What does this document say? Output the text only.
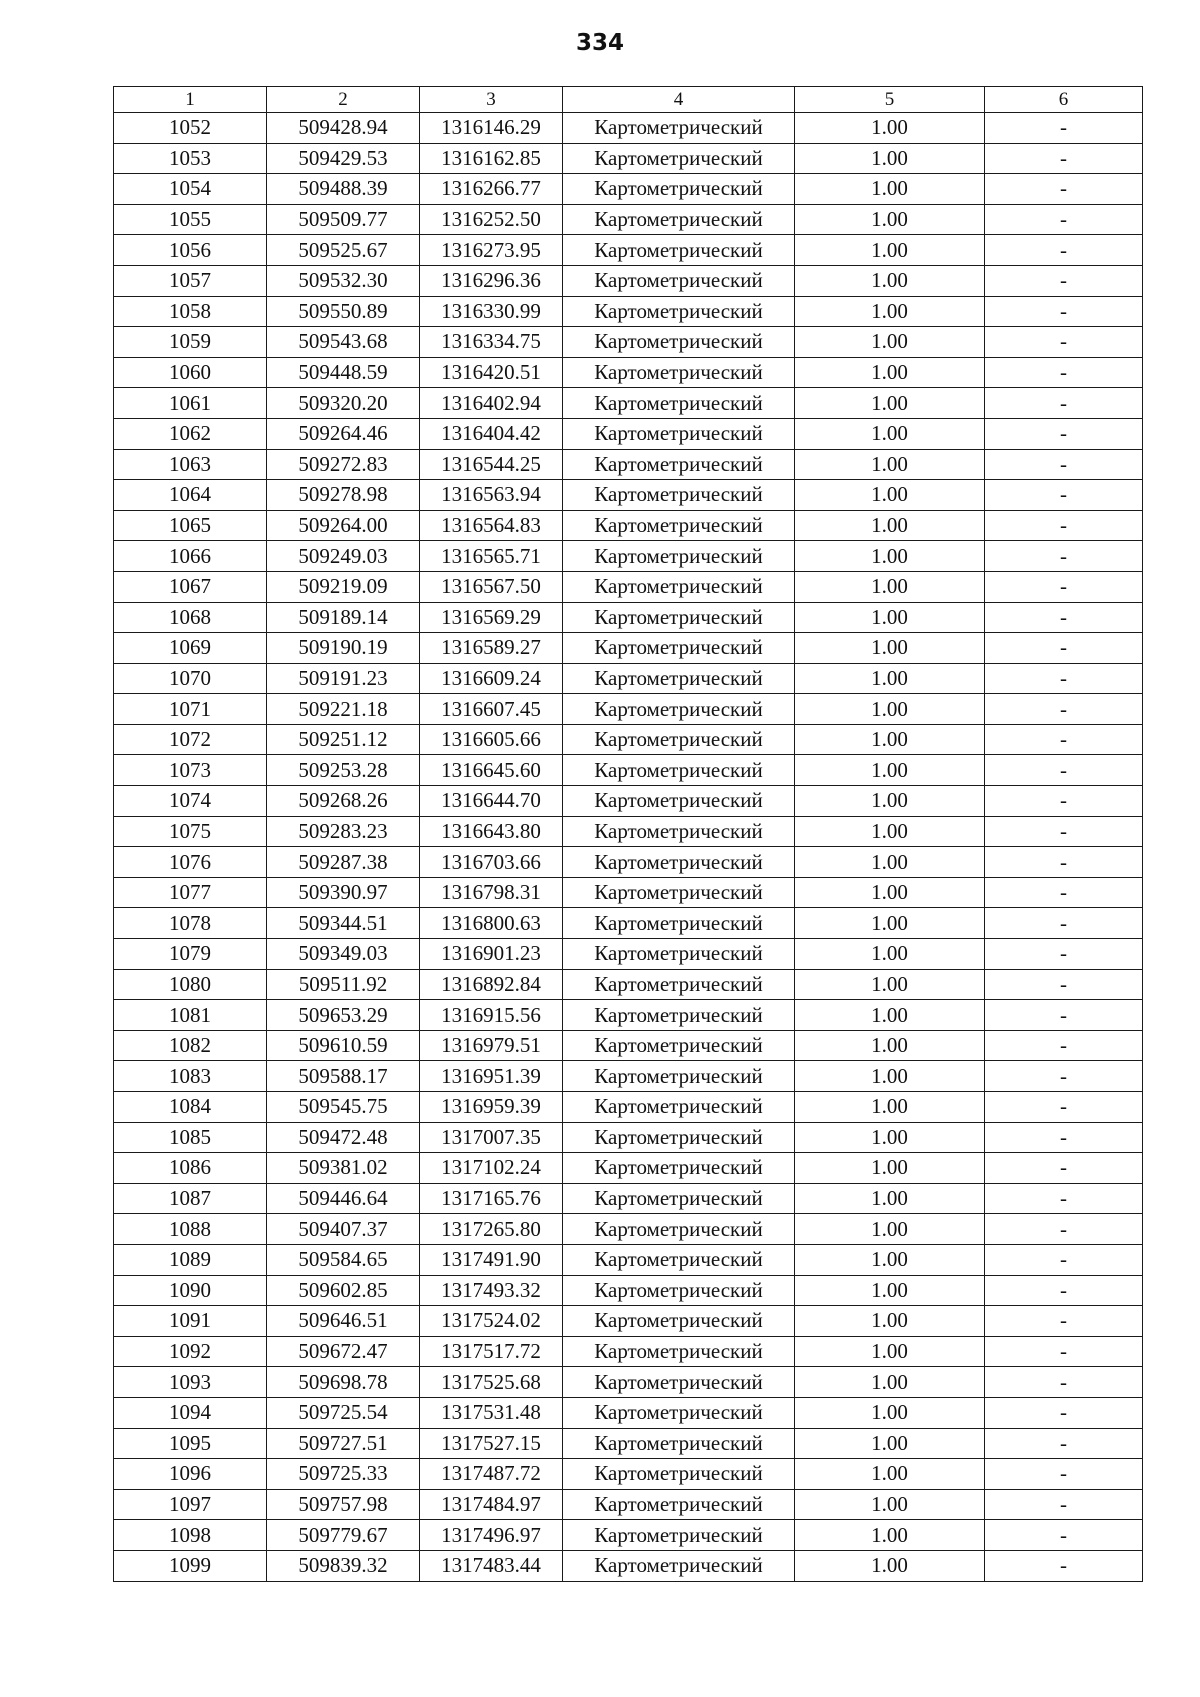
334
1	2	3	4	5	6
1052	509428.94	1316146.29	Картометрический	1.00	-
1053	509429.53	1316162.85	Картометрический	1.00	-
1054	509488.39	1316266.77	Картометрический	1.00	-
1055	509509.77	1316252.50	Картометрический	1.00	-
1056	509525.67	1316273.95	Картометрический	1.00	-
1057	509532.30	1316296.36	Картометрический	1.00	-
1058	509550.89	1316330.99	Картометрический	1.00	-
1059	509543.68	1316334.75	Картометрический	1.00	-
1060	509448.59	1316420.51	Картометрический	1.00	-
1061	509320.20	1316402.94	Картометрический	1.00	-
1062	509264.46	1316404.42	Картометрический	1.00	-
1063	509272.83	1316544.25	Картометрический	1.00	-
1064	509278.98	1316563.94	Картометрический	1.00	-
1065	509264.00	1316564.83	Картометрический	1.00	-
1066	509249.03	1316565.71	Картометрический	1.00	-
1067	509219.09	1316567.50	Картометрический	1.00	-
1068	509189.14	1316569.29	Картометрический	1.00	-
1069	509190.19	1316589.27	Картометрический	1.00	-
1070	509191.23	1316609.24	Картометрический	1.00	-
1071	509221.18	1316607.45	Картометрический	1.00	-
1072	509251.12	1316605.66	Картометрический	1.00	-
1073	509253.28	1316645.60	Картометрический	1.00	-
1074	509268.26	1316644.70	Картометрический	1.00	-
1075	509283.23	1316643.80	Картометрический	1.00	-
1076	509287.38	1316703.66	Картометрический	1.00	-
1077	509390.97	1316798.31	Картометрический	1.00	-
1078	509344.51	1316800.63	Картометрический	1.00	-
1079	509349.03	1316901.23	Картометрический	1.00	-
1080	509511.92	1316892.84	Картометрический	1.00	-
1081	509653.29	1316915.56	Картометрический	1.00	-
1082	509610.59	1316979.51	Картометрический	1.00	-
1083	509588.17	1316951.39	Картометрический	1.00	-
1084	509545.75	1316959.39	Картометрический	1.00	-
1085	509472.48	1317007.35	Картометрический	1.00	-
1086	509381.02	1317102.24	Картометрический	1.00	-
1087	509446.64	1317165.76	Картометрический	1.00	-
1088	509407.37	1317265.80	Картометрический	1.00	-
1089	509584.65	1317491.90	Картометрический	1.00	-
1090	509602.85	1317493.32	Картометрический	1.00	-
1091	509646.51	1317524.02	Картометрический	1.00	-
1092	509672.47	1317517.72	Картометрический	1.00	-
1093	509698.78	1317525.68	Картометрический	1.00	-
1094	509725.54	1317531.48	Картометрический	1.00	-
1095	509727.51	1317527.15	Картометрический	1.00	-
1096	509725.33	1317487.72	Картометрический	1.00	-
1097	509757.98	1317484.97	Картометрический	1.00	-
1098	509779.67	1317496.97	Картометрический	1.00	-
1099	509839.32	1317483.44	Картометрический	1.00	-
